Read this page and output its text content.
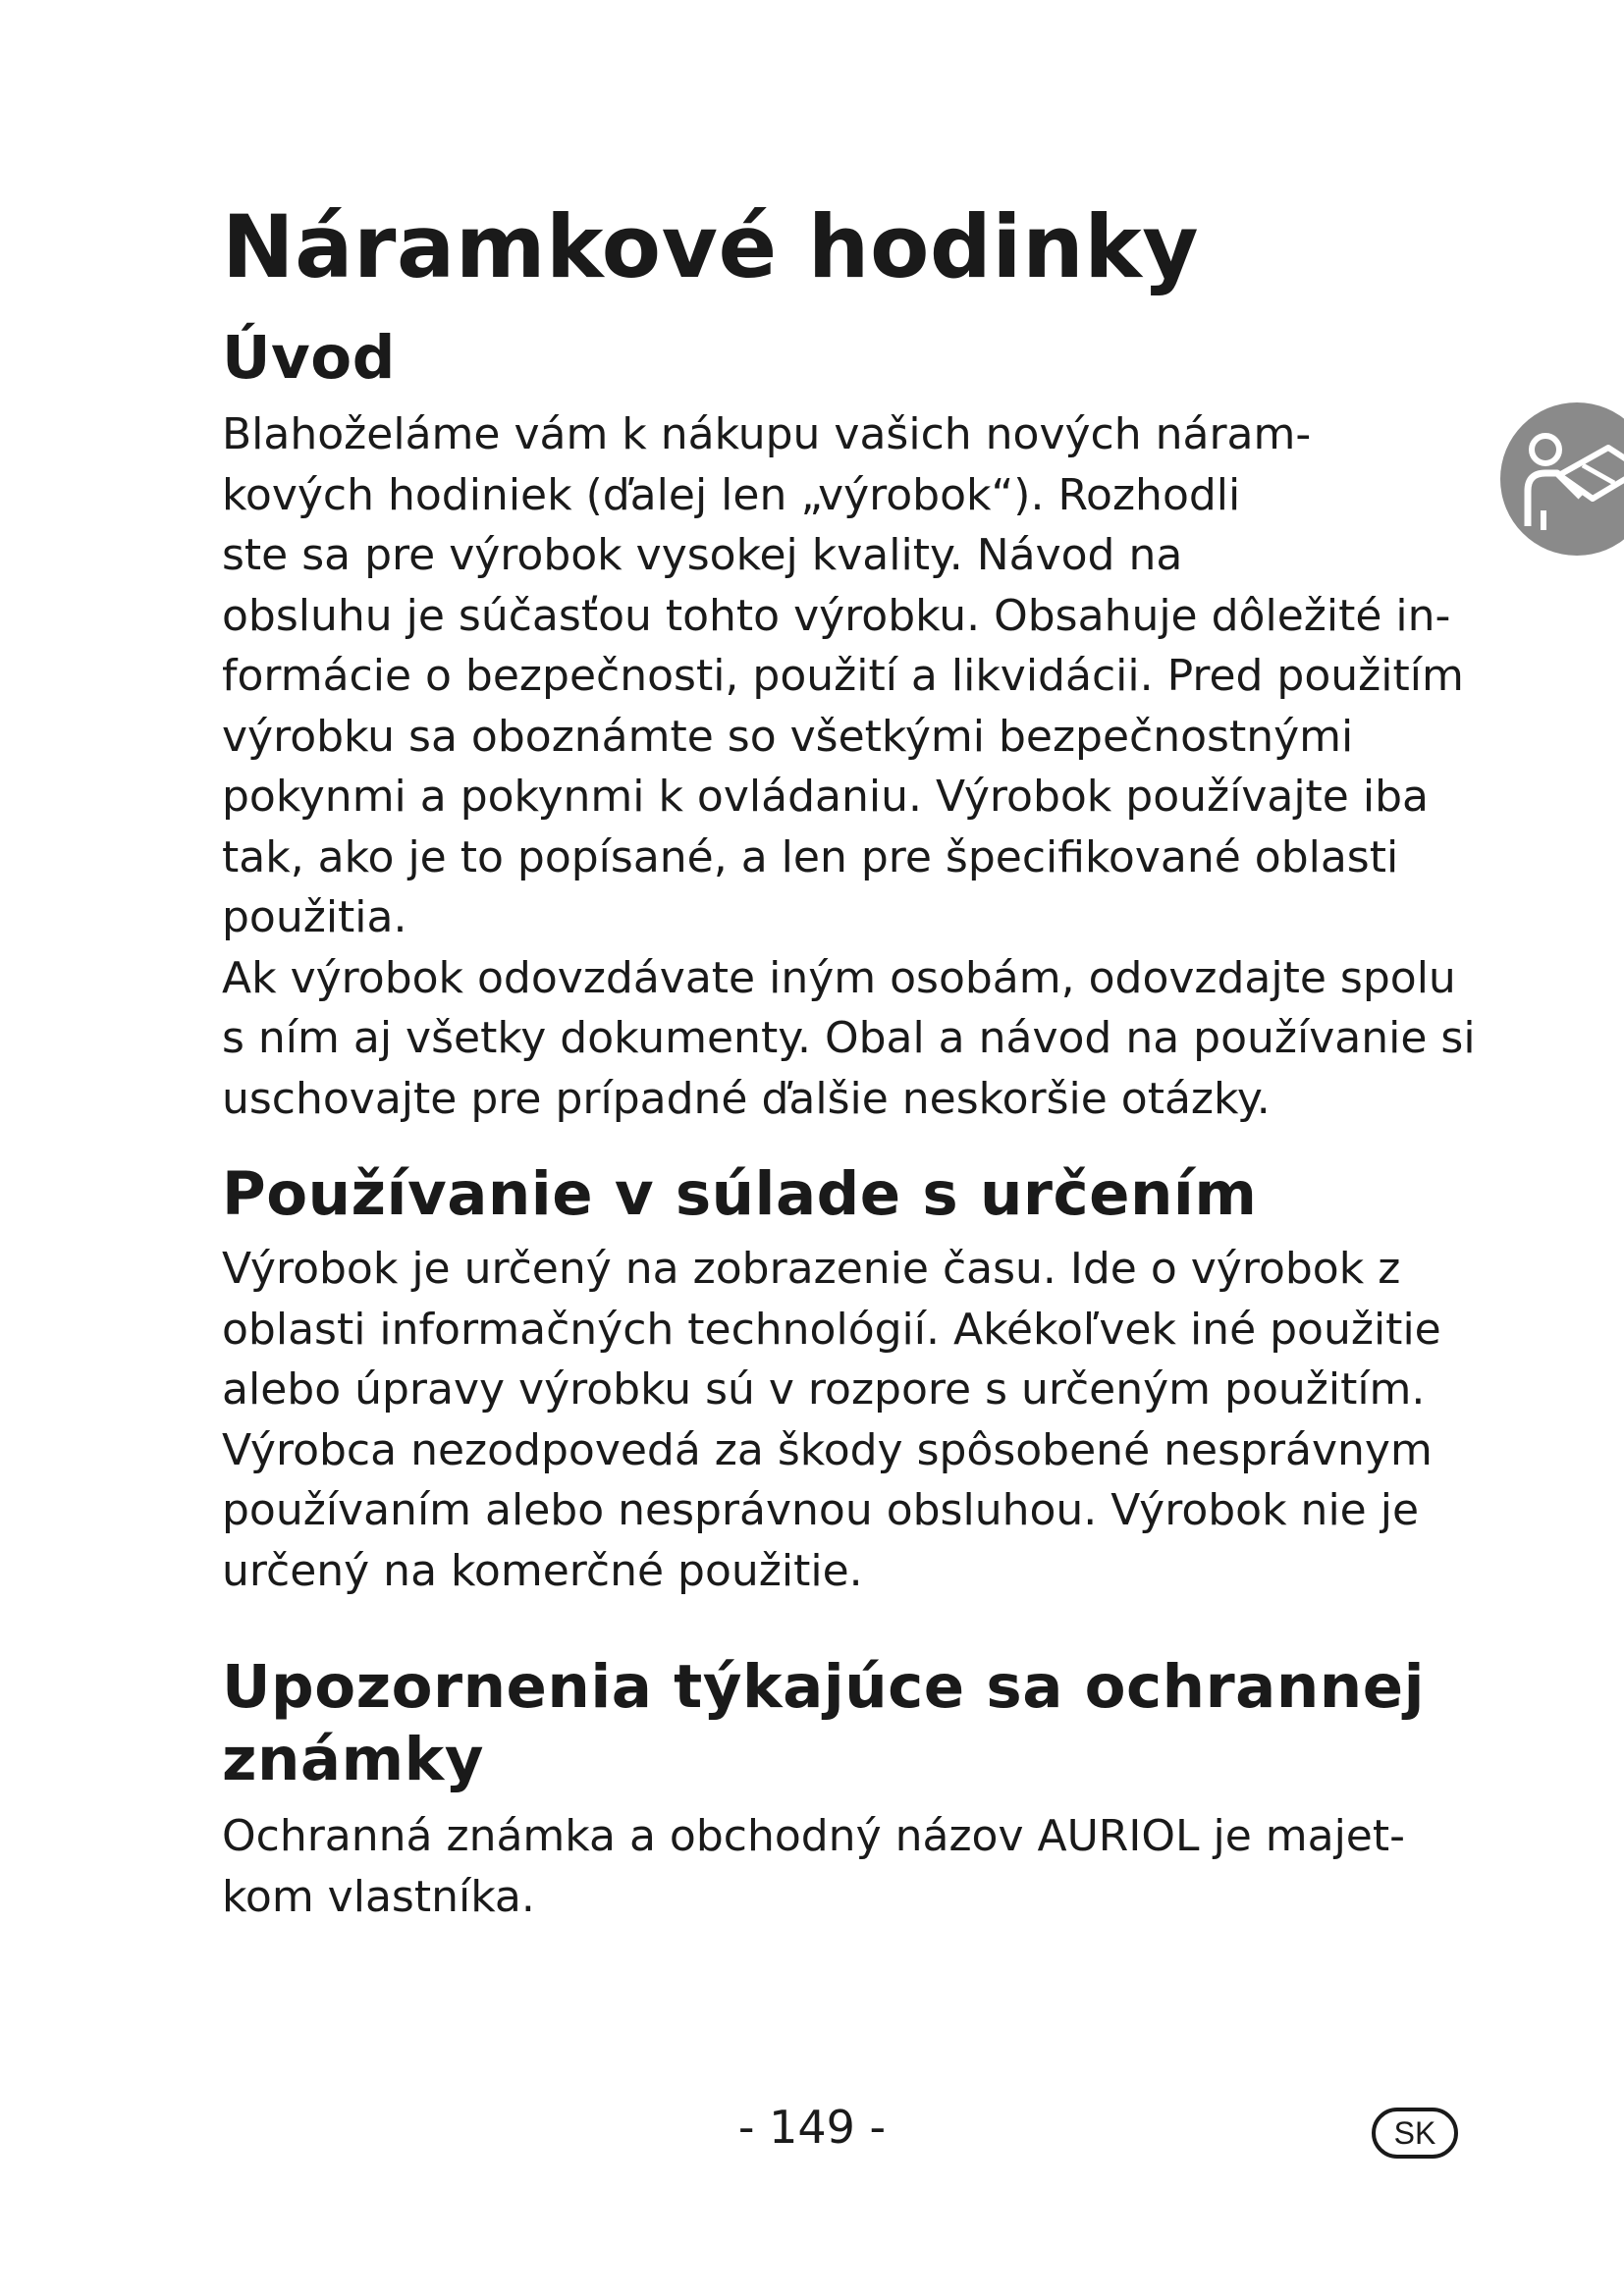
Náramkové hodinky
Úvod

Blahoželáme vám k nákupu vašich nových náram-

kových hodiniek (ďalej len „výrobok“). Rozhodli

ste sa pre výrobok vysokej kvality. Návod na

obsluhu je súčasťou tohto výrobku. Obsahuje dôležité in-

formácie o bezpečnosti, použití a likvidácii. Pred použitím

výrobku sa oboznámte so všetkými bezpečnostnými

pokynmi a pokynmi k ovládaniu. Výrobok používajte iba

tak, ako je to popísané, a len pre špecifikované oblasti

použitia.

Ak výrobok odovzdávate iným osobám, odovzdajte spolu

s ním aj všetky dokumenty. Obal a návod na používanie si

uschovajte pre prípadné ďalšie neskoršie otázky.

Používanie v súlade s určením

Výrobok je určený na zobrazenie času. Ide o výrobok z

oblasti informačných technológií. Akékoľvek iné použitie

alebo úpravy výrobku sú v rozpore s určeným použitím.

Výrobca nezodpovedá za škody spôsobené nesprávnym

používaním alebo nesprávnou obsluhou. Výrobok nie je

určený na komerčné použitie.

Upozornenia týkajúce sa ochrannej
známky

Ochranná známka a obchodný názov AURIOL je majet-

kom vlastníka.

- 149 -	SK
